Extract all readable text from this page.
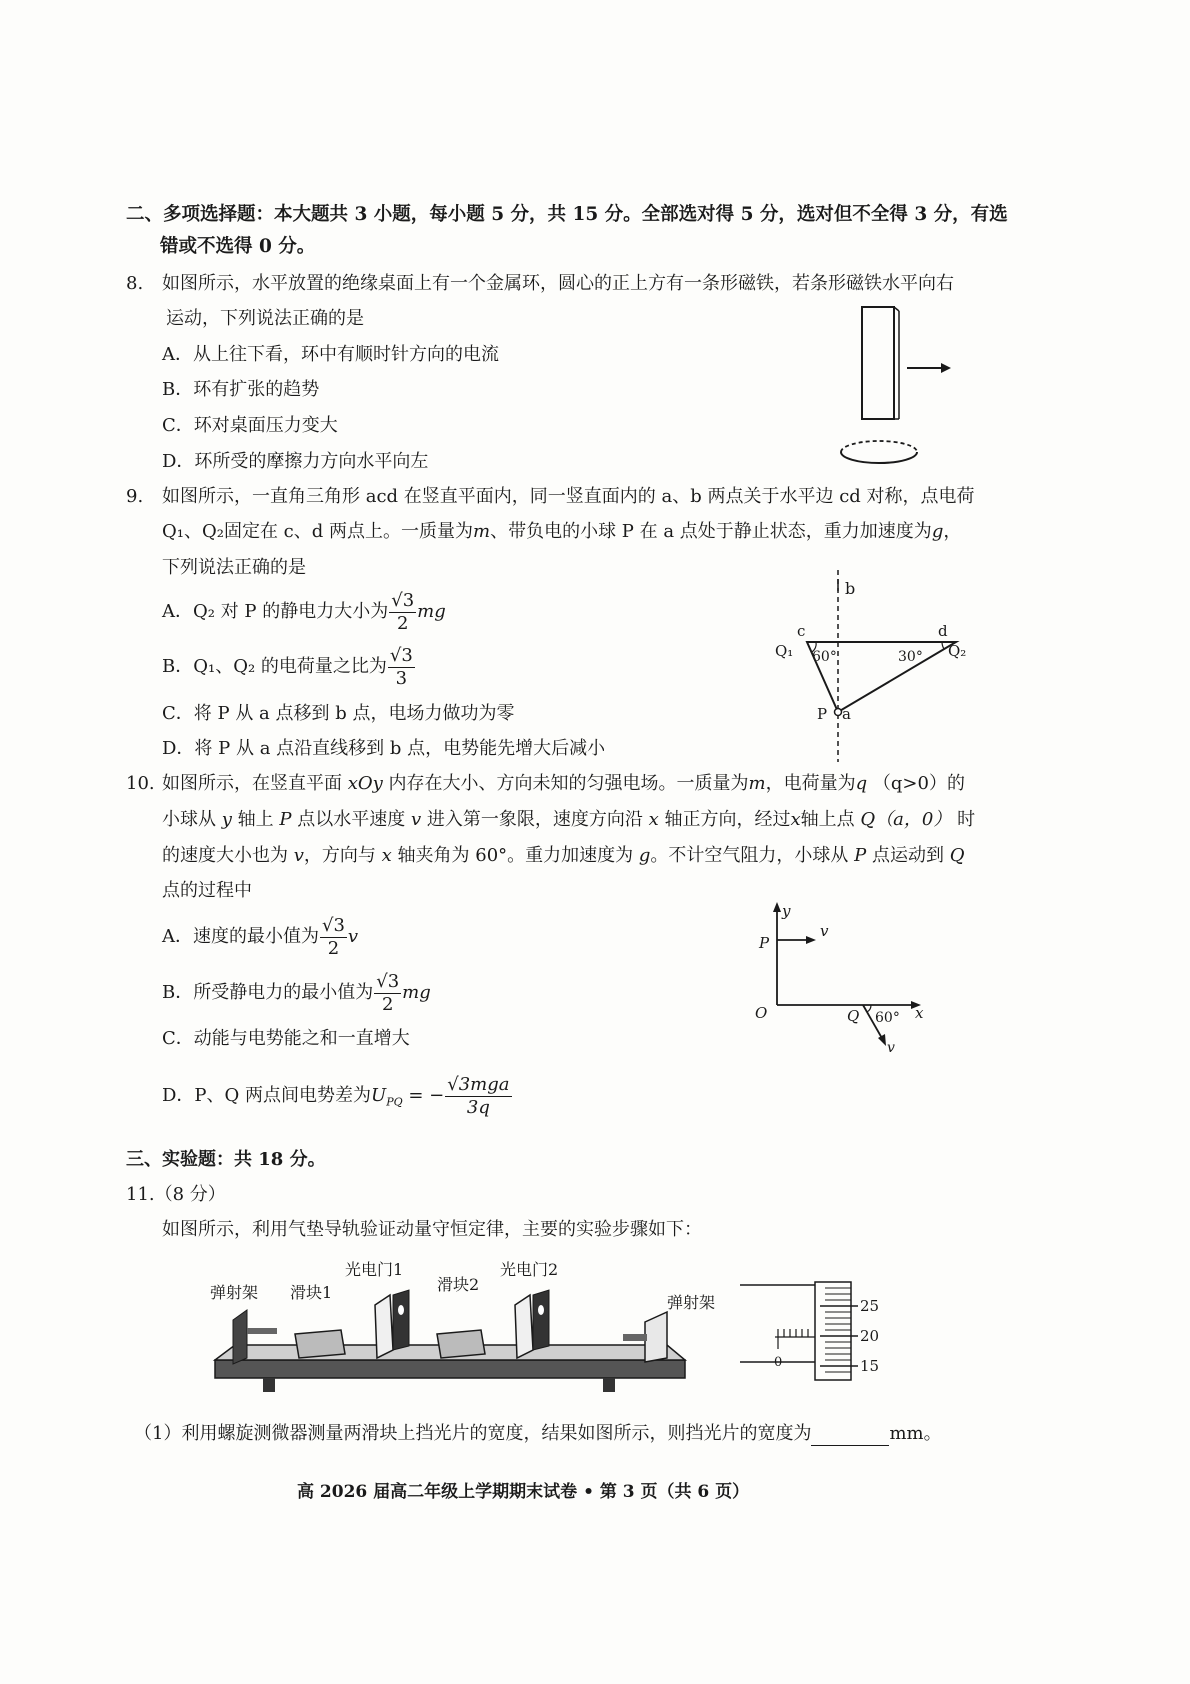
二、多项选择题：本大题共 3 小题，每小题 5 分，共 15 分。全部选对得 5 分，选对但不全得 3 分，有选
错或不选得 0 分。
8. 如图所示，水平放置的绝缘桌面上有一个金属环，圆心的正上方有一条形磁铁，若条形磁铁水平向右
运动，下列说法正确的是
A．从上往下看，环中有顺时针方向的电流
B．环有扩张的趋势
C．环对桌面压力变大
D．环所受的摩擦力方向水平向左
9. 如图所示，一直角三角形 acd 在竖直平面内，同一竖直面内的 a、b 两点关于水平边 cd 对称，点电荷
Q₁、Q₂固定在 c、d 两点上。一质量为m、带负电的小球 P 在 a 点处于静止状态，重力加速度为g，
下列说法正确的是
A．Q₂ 对 P 的静电力大小为 $\frac{√3}{2}$ mg
B．Q₁、Q₂ 的电荷量之比为 $\frac{√3}{3}$
C．将 P 从 a 点移到 b 点，电场力做功为零
D．将 P 从 a 点沿直线移到 b 点，电势能先增大后减小
b
c	d
Q₁	Q₂
60°	30°
P a
10. 如图所示，在竖直平面 xOy 内存在大小、方向未知的匀强电场。一质量为m，电荷量为q （q>0）的
小球从 y 轴上 P 点以水平速度 v 进入第一象限，速度方向沿 x 轴正方向，经过x轴上点 Q（a，0） 时
的速度大小也为 v，方向与 x 轴夹角为 60°。重力加速度为 g。不计空气阻力，小球从 P 点运动到 Q
点的过程中
A．速度的最小值为 $\frac{√3}{2}$ v
B．所受静电力的最小值为 $\frac{√3}{2}$ mg
C．动能与电势能之和一直增大
D．P、Q 两点间电势差为$U_{PQ}$ = − $\frac{\text{√3mga}}{3q}$
y
x
O
P
v
Q 60°
v
三、实验题：共 18 分。
11.（8 分）
如图所示，利用气垫导轨验证动量守恒定律，主要的实验步骤如下：
弹射架 滑块1
光电门1
滑块2
光电门2
弹射架
0
25
20
15
（1）利用螺旋测微器测量两滑块上挡光片的宽度，结果如图所示，则挡光片的宽度为	mm。
高 2026 届高二年级上学期期末试卷 • 第 3 页（共 6 页）
